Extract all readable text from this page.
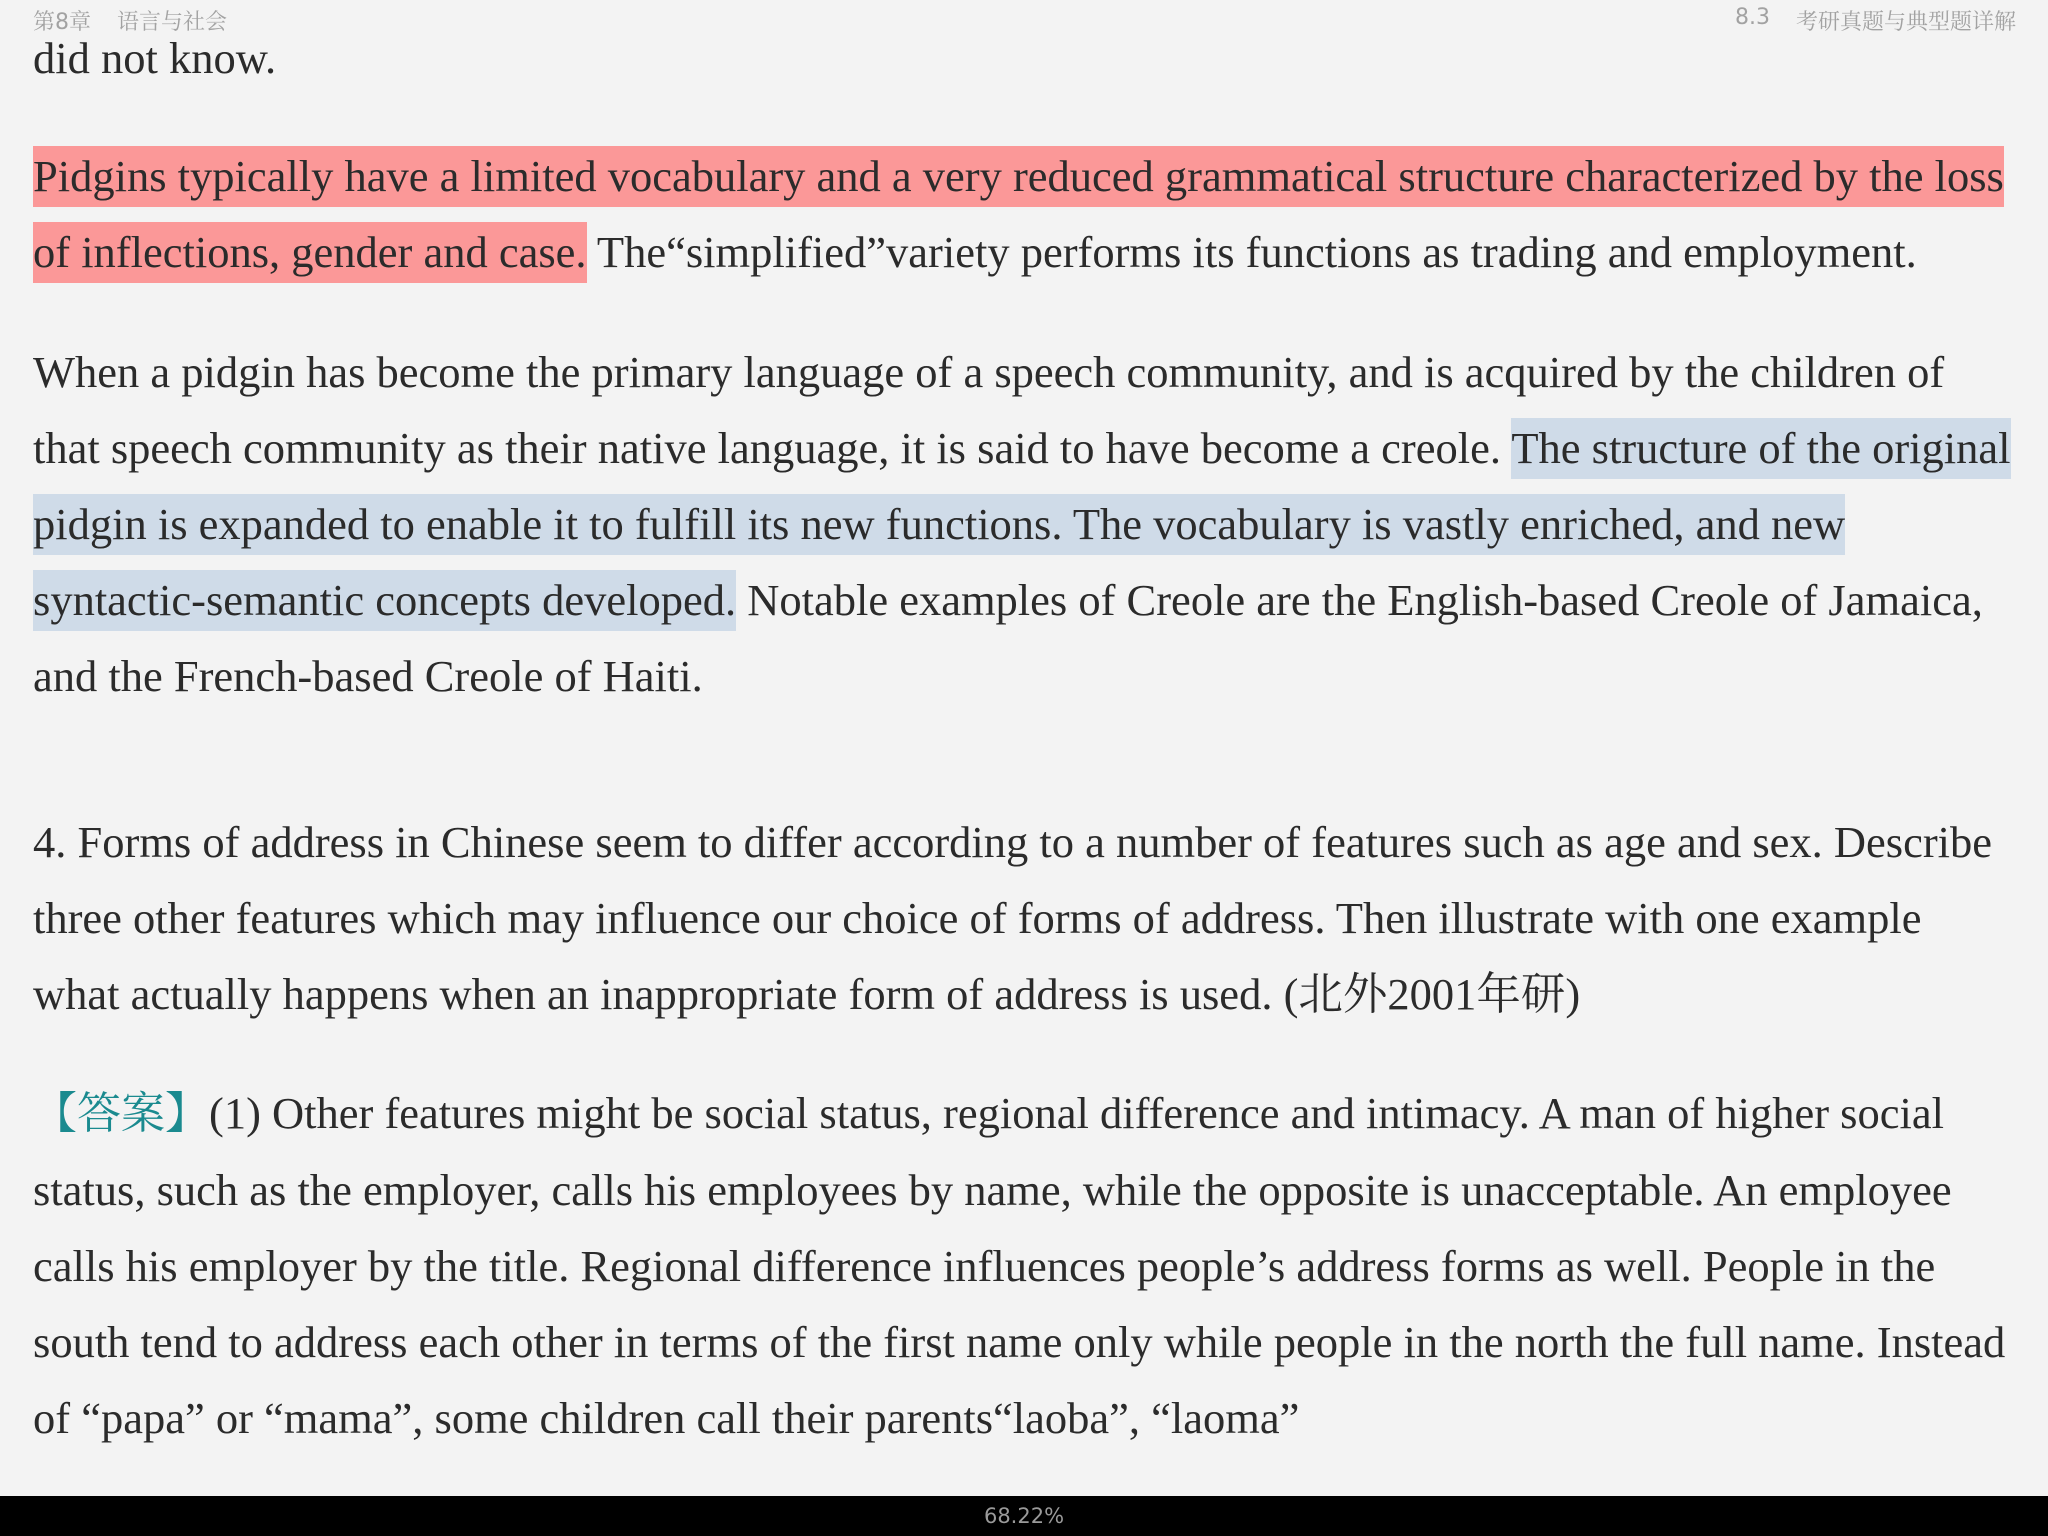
第8章 语言与社会	8.3 考研真题与典型题详解

did not know.

Pidgins typically have a limited vocabulary and a very reduced grammatical structure characterized by the loss of inflections, gender and case. The“simplified”variety performs its functions as trading and employment.

When a pidgin has become the primary language of a speech community, and is acquired by the children of that speech community as their native language, it is said to have become a creole. The structure of the original pidgin is expanded to enable it to fulfill its new functions. The vocabulary is vastly enriched, and new syntactic-semantic concepts developed. Notable examples of Creole are the English-based Creole of Jamaica, and the French-based Creole of Haiti.

4. Forms of address in Chinese seem to differ according to a number of features such as age and sex. Describe three other features which may influence our choice of forms of address. Then illustrate with one example what actually happens when an inappropriate form of address is used. (北外2001年研)

【答案】(1) Other features might be social status, regional difference and intimacy. A man of higher social status, such as the employer, calls his employees by name, while the opposite is unacceptable. An employee calls his employer by the title. Regional difference influences people’s address forms as well. People in the south tend to address each other in terms of the first name only while people in the north the full name. Instead of “papa” or “mama”, some children call their parents“laoba”, “laoma”

68.22%
